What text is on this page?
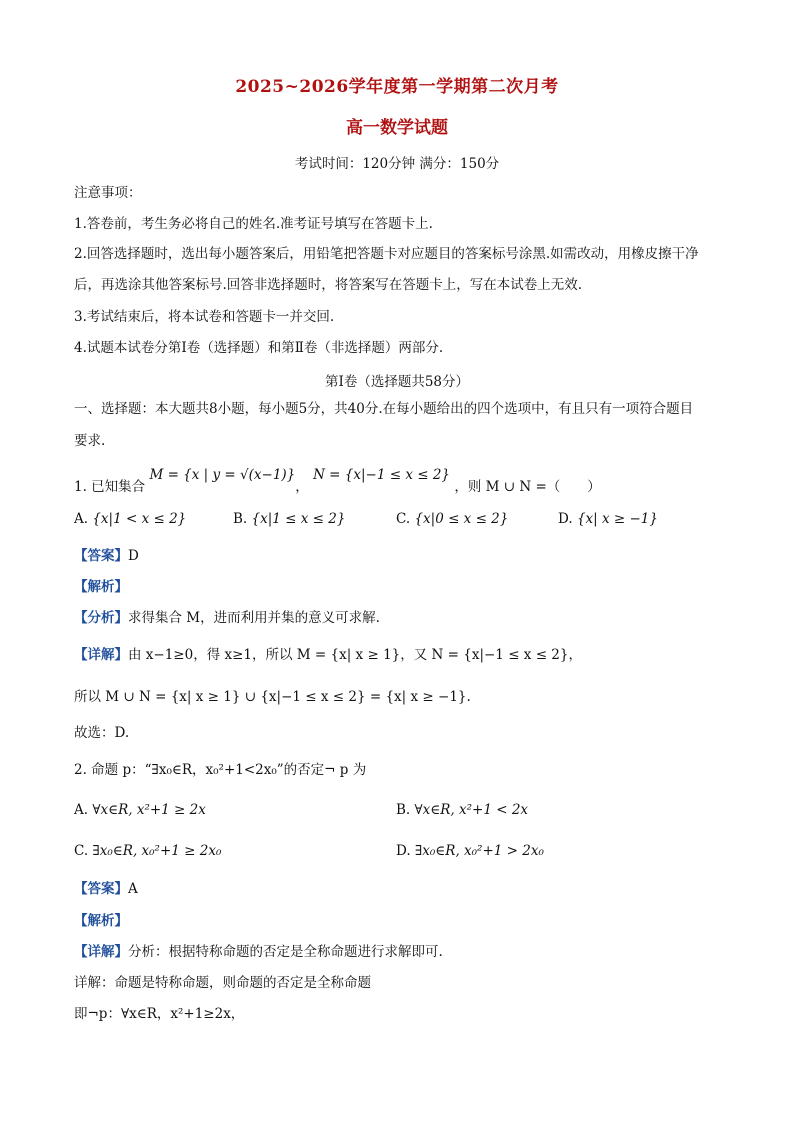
2025~2026学年度第一学期第二次月考
高一数学试题
考试时间：120分钟 满分：150分
注意事项：
1.答卷前，考生务必将自己的姓名.准考证号填写在答题卡上.
2.回答选择题时，选出每小题答案后，用铅笔把答题卡对应题目的答案标号涂黑.如需改动，用橡皮擦干净
后，再选涂其他答案标号.回答非选择题时，将答案写在答题卡上，写在本试卷上无效.
3.考试结束后，将本试卷和答题卡一并交回.
4.试题本试卷分第Ⅰ卷（选择题）和第Ⅱ卷（非选择题）两部分.
第Ⅰ卷（选择题共58分）
一、选择题：本大题共8小题，每小题5分，共40分.在每小题给出的四个选项中，有且只有一项符合题目
要求.
1. 已知集合 M = {x | y = √(x−1)}， N = {x|−1 ≤ x ≤ 2} ，则 M ∪ N =（　　）
A. {x|1 < x ≤ 2}	B. {x|1 ≤ x ≤ 2}	C. {x|0 ≤ x ≤ 2}	D. {x| x ≥ −1}
【答案】D
【解析】
【分析】求得集合 M，进而利用并集的意义可求解.
【详解】由 x−1≥0，得 x≥1，所以 M = {x| x ≥ 1}，又 N = {x|−1 ≤ x ≤ 2}，
所以 M ∪ N = {x| x ≥ 1} ∪ {x|−1 ≤ x ≤ 2} = {x| x ≥ −1}.
故选：D.
2. 命题 p：“∃x₀∈R，x₀²+1<2x₀”的否定¬ p 为
A. ∀x∈R, x²+1 ≥ 2x	B. ∀x∈R, x²+1 < 2x
C. ∃x₀∈R, x₀²+1 ≥ 2x₀	D. ∃x₀∈R, x₀²+1 > 2x₀
【答案】A
【解析】
【详解】分析：根据特称命题的否定是全称命题进行求解即可.
详解：命题是特称命题，则命题的否定是全称命题
即¬p：∀x∈R，x²+1≥2x，
